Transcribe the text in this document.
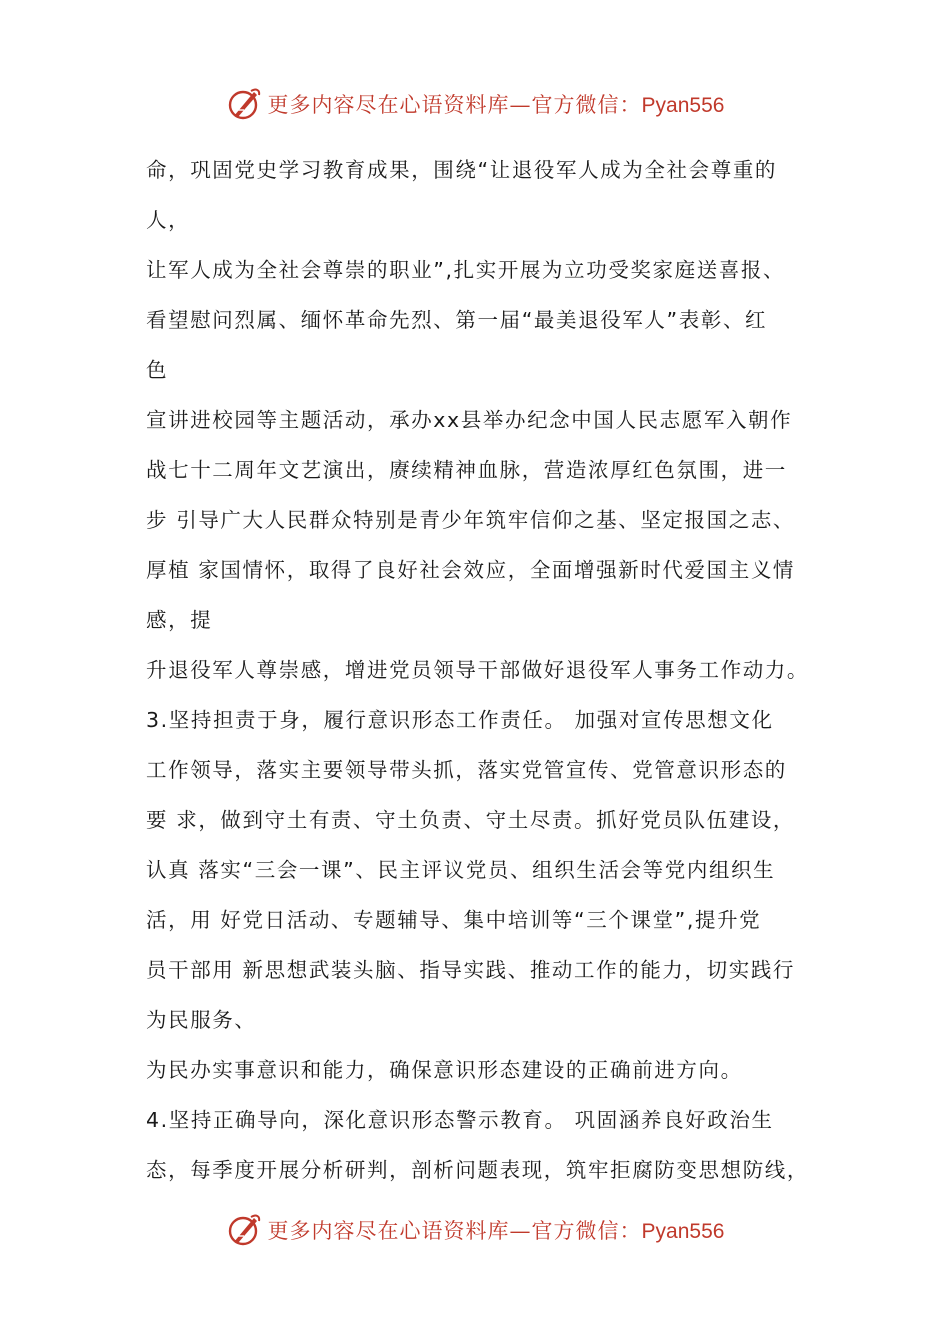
更多内容尽在心语资料库—官方微信：Pyan556
命，巩固党史学习教育成果，围绕“让退役军人成为全社会尊重的
人，
让军人成为全社会尊崇的职业”,扎实开展为立功受奖家庭送喜报、
看望慰问烈属、缅怀革命先烈、第一届“最美退役军人”表彰、红
色
宣讲进校园等主题活动，承办xx县举办纪念中国人民志愿军入朝作
战七十二周年文艺演出，赓续精神血脉，营造浓厚红色氛围，进一
步 引导广大人民群众特别是青少年筑牢信仰之基、坚定报国之志、
厚植 家国情怀，取得了良好社会效应，全面增强新时代爱国主义情
感，提
升退役军人尊崇感，增进党员领导干部做好退役军人事务工作动力。
3.坚持担责于身，履行意识形态工作责任。 加强对宣传思想文化
工作领导，落实主要领导带头抓，落实党管宣传、党管意识形态的
要 求，做到守土有责、守土负责、守土尽责。抓好党员队伍建设，
认真 落实“三会一课”、民主评议党员、组织生活会等党内组织生
活，用 好党日活动、专题辅导、集中培训等“三个课堂”,提升党
员干部用 新思想武装头脑、指导实践、推动工作的能力，切实践行
为民服务、
为民办实事意识和能力，确保意识形态建设的正确前进方向。
4.坚持正确导向，深化意识形态警示教育。 巩固涵养良好政治生
态，每季度开展分析研判，剖析问题表现，筑牢拒腐防变思想防线，
更多内容尽在心语资料库—官方微信：Pyan556
